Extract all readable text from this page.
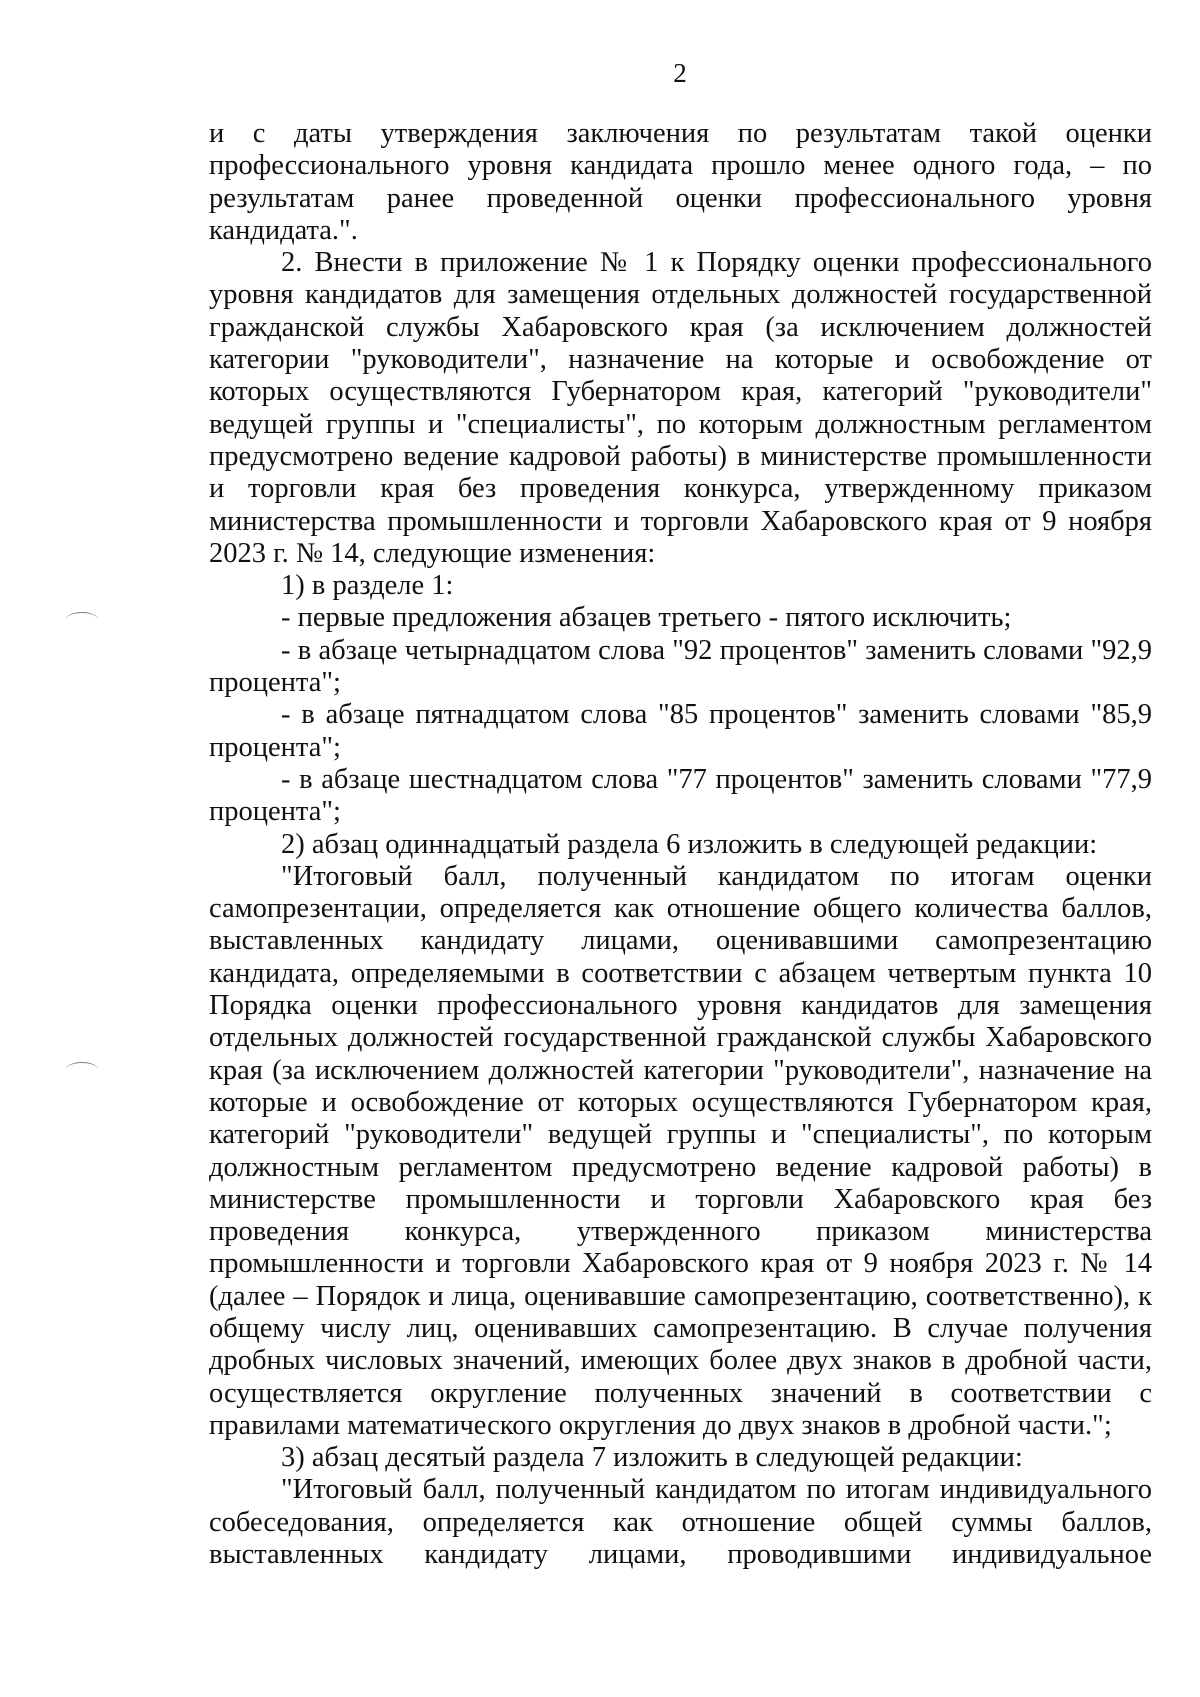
2

и с даты утверждения заключения по результатам такой оценки профессионального уровня кандидата прошло менее одного года, – по результатам ранее проведенной оценки профессионального уровня кандидата.".

2. Внести в приложение № 1 к Порядку оценки профессионального уровня кандидатов для замещения отдельных должностей государственной гражданской службы Хабаровского края (за исключением должностей категории "руководители", назначение на которые и освобождение от которых осуществляются Губернатором края, категорий "руководители" ведущей группы и "специалисты", по которым должностным регламентом предусмотрено ведение кадровой работы) в министерстве промышленности и торговли края без проведения конкурса, утвержденному приказом министерства промышленности и торговли Хабаровского края от 9 ноября 2023 г. № 14, следующие изменения:

1) в разделе 1:

- первые предложения абзацев третьего - пятого исключить;

- в абзаце четырнадцатом слова "92 процентов" заменить словами "92,9 процента";

- в абзаце пятнадцатом слова "85 процентов" заменить словами "85,9 процента";

- в абзаце шестнадцатом слова "77 процентов" заменить словами "77,9 процента";

2) абзац одиннадцатый раздела 6 изложить в следующей редакции:

"Итоговый балл, полученный кандидатом по итогам оценки самопрезентации, определяется как отношение общего количества баллов, выставленных кандидату лицами, оценивавшими самопрезентацию кандидата, определяемыми в соответствии с абзацем четвертым пункта 10 Порядка оценки профессионального уровня кандидатов для замещения отдельных должностей государственной гражданской службы Хабаровского края (за исключением должностей категории "руководители", назначение на которые и освобождение от которых осуществляются Губернатором края, категорий "руководители" ведущей группы и "специалисты", по которым должностным регламентом предусмотрено ведение кадровой работы) в министерстве промышленности и торговли Хабаровского края без проведения конкурса, утвержденного приказом министерства промышленности и торговли Хабаровского края от 9 ноября 2023 г. № 14 (далее – Порядок и лица, оценивавшие самопрезентацию, соответственно), к общему числу лиц, оценивавших самопрезентацию. В случае получения дробных числовых значений, имеющих более двух знаков в дробной части, осуществляется округление полученных значений в соответствии с правилами математического округления до двух знаков в дробной части.";

3) абзац десятый раздела 7 изложить в следующей редакции:

"Итоговый балл, полученный кандидатом по итогам индивидуального собеседования, определяется как отношение общей суммы баллов, выставленных кандидату лицами, проводившими индивидуальное
